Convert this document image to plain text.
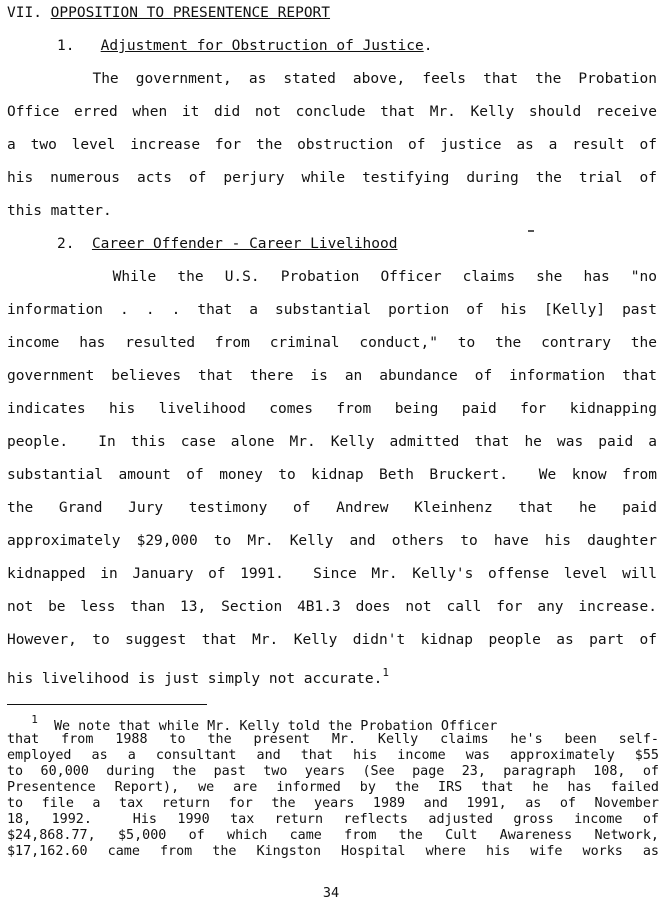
VII. OPPOSITION TO PRESENTENCE REPORT
1. Adjustment for Obstruction of Justice.
The government, as stated above, feels that the Probation
Office erred when it did not conclude that Mr. Kelly should receive
a two level increase for the obstruction of justice as a result of
his numerous acts of perjury while testifying during the trial of
this matter.
2. Career Offender - Career Livelihood
While the U.S. Probation Officer claims she has "no
information . . . that a substantial portion of his [Kelly] past
income has resulted from criminal conduct," to the contrary the
government believes that there is an abundance of information that
indicates his livelihood comes from being paid for kidnapping
people.  In this case alone Mr. Kelly admitted that he was paid a
substantial amount of money to kidnap Beth Bruckert.  We know from
the Grand Jury testimony of Andrew Kleinhenz that he paid
approximately $29,000 to Mr. Kelly and others to have his daughter
kidnapped in January of 1991.  Since Mr. Kelly's offense level will
not be less than 13, Section 4B1.3 does not call for any increase.
However, to suggest that Mr. Kelly didn't kidnap people as part of
his livelihood is just simply not accurate.$^1$
$^1$ We note that while Mr. Kelly told the Probation Officer
that from 1988 to the present Mr. Kelly claims he's been self-
employed as a consultant and that his income was approximately $55
to 60,000 during the past two years (See page 23, paragraph 108, of
Presentence Report), we are informed by the IRS that he has failed
to file a tax return for the years 1989 and 1991, as of November
18, 1992.  His 1990 tax return reflects adjusted gross income of
$24,868.77, $5,000 of which came from the Cult Awareness Network,
$17,162.60 came from the Kingston Hospital where his wife works as
34
